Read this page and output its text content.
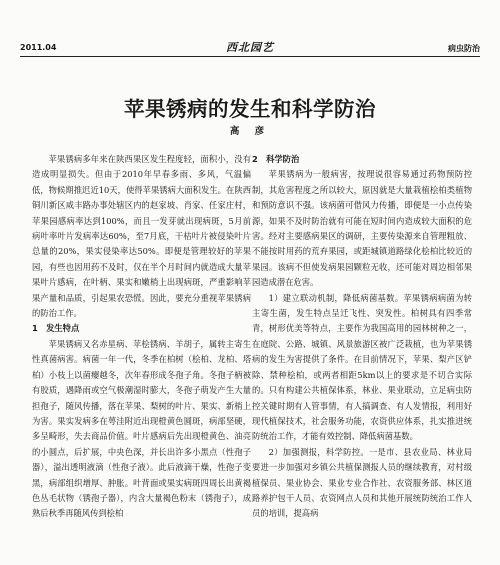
2011.04	西北园艺	病虫防治
苹果锈病的发生和科学防治
高 彦

苹果锈病多年来在陕西果区发生程度轻，面积小，没有造成明显损失。但由于2010年早春多雨、多风，气温偏低，物候期推迟近10天，使得苹果锈病大面积发生。在陕西铜川新区咸丰路办事处辖区内的赵家坡、肖家、任家庄村，苹果园感病率达到100%，而且一发芽就出现病斑，5月前病叶率叶片发病率达60%，至7月底，干枯叶片被侵染叶片总量的20%，果实侵染率达50%。即便是管理较好的苹果园，有些也因用药不及时，仅在半个月时间内就造成大量苹果叶片感病，在叶柄、果实和嫩梢上出现病斑，严重影响苹果产量和品质，引起果农恐慌。因此，要充分重视苹果锈病的防治工作。

1　发生特点

苹果锈病又名赤星病、苹桧锈病、羊胡子，属转主寄生性真菌病害。病菌一年一代，冬季在柏树（桧柏、龙柏、塔柏）小枝上以菌瘿越冬，次年春形成冬孢子角。冬孢子柄被有胶质，遇降雨或空气极潮湿时膨大，冬孢子萌发产生大量担孢子，随风传播，落在苹果、梨树的叶片、果实、新梢上为害。果实发病多在萼洼附近出现橙黄色圆斑，病部坚硬，多呈畸形，失去商品价值。叶片感病后先出现橙黄色、油亮的小圆点，后扩展，中央色深，并长出许多小黑点（性孢子器），溢出透明液滴（性孢子液）。此后液滴干燥，性孢子变黑，病部组织增厚、肿胀。叶背面或果实病斑四周长出黄褐色丛毛状物（锈孢子器），内含大量褐色粉末（锈孢子），成熟后秋季再随风传到桧柏

2　科学防治

苹果锈病为一般病害，按理说很容易通过药物预防控制，其危害程度之所以较大，原因就是大量栽植桧柏类植物和预防意识不强。该病菌可借风力传播，即便是一小点传染源，如果不及时防治就有可能在短时间内造成较大面积的危害。经对主要感病果区的调研，主要传染源来自管理粗放、不能按时用药的荒弃果园，或距城镇道路绿化桧柏比较近的果园。该病不但使发病果园颗粒无收，还可能对周边相邻果园造成潜在危害。

1）建立联动机制，降低病菌基数。苹果锈病病菌为转主寄生菌，发生特点呈迁飞性、突发性。柏树具有四季常青，树形优美等特点，主要作为我国高用的园林树种之一，在庭院、公路、城镇、风景旅游区被广泛栽植，也为苹果锈病的发生为害提供了条件。在目前情况下，苹果、梨产区铲除、禁种桧柏，或两者相距5km以上的要求是不切合实际的。只有构建公共植保体系，林业、果业联动，立足病虫防控关键时期有人管事情，有人搞调查、有人发情报，利用好现代植保技术，社会服务功能，农资供应体系，扎实推进统防统治工作，才能有效控制、降低病菌基数。

2）加强测报，科学防控。一是市、县农业局、林业局要进一步加强对乡镇公共植保测报人员的继续教育，对村级植保员、果业协会、果业专业合作社、农资服务部、林区道路养护包干人员、农资网点人员和其他开展统防统治工作人员的培训，提高病
